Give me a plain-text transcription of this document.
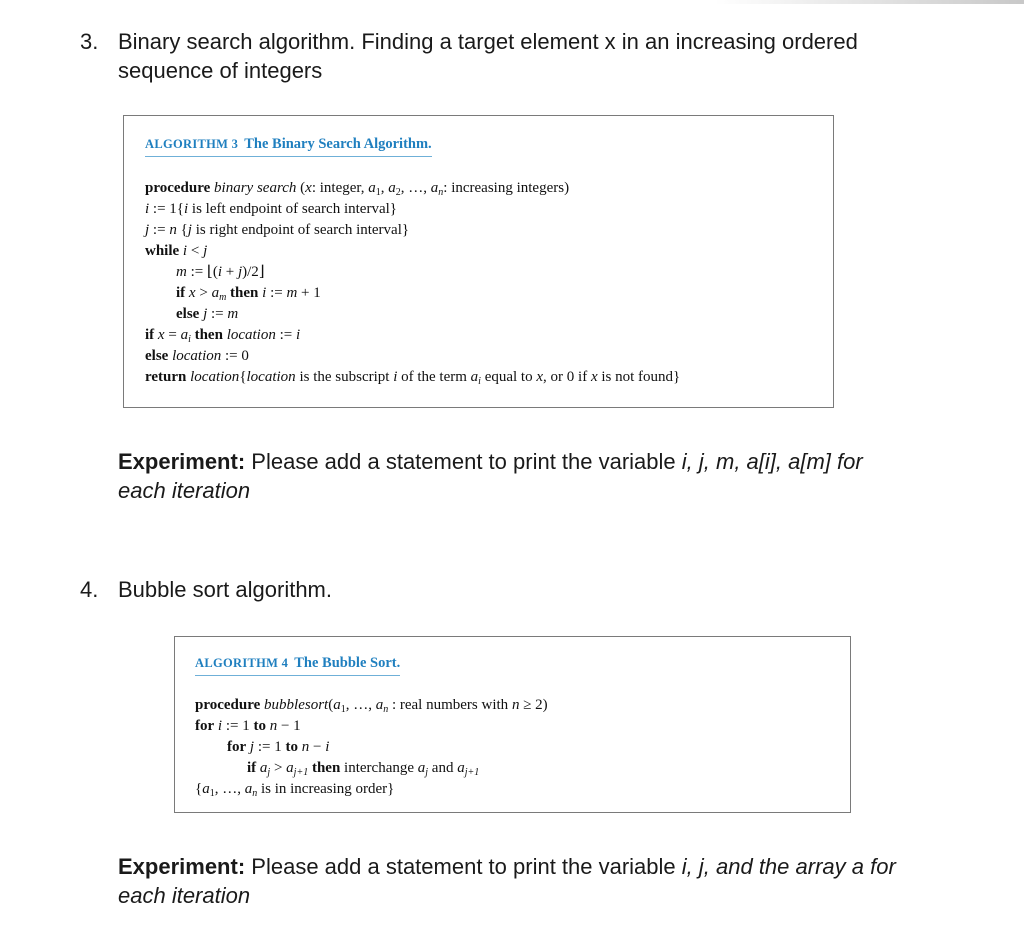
3. Binary search algorithm. Finding a target element x in an increasing ordered
sequence of integers
ALGORITHM 3 The Binary Search Algorithm.
procedure binary search (x: integer, $a_1$, $a_2$, …, $a_n$: increasing integers)
i := 1{i is left endpoint of search interval}
j := n {j is right endpoint of search interval}
while i < j
m := ⌊(i + j)/2⌋
if $x > a_m$ then i := m + 1
else j := m
if $x = a_i$ then location := i
else location := 0
return location{location is the subscript i of the term $a_i$ equal to x, or 0 if x is not found}
Experiment: Please add a statement to print the variable i, j, m, a[i], a[m] for
each iteration
4. Bubble sort algorithm.
ALGORITHM 4 The Bubble Sort.
procedure $bubblesort(a_1$, …, $a_n$ : real numbers with n ≥ 2)
for i := 1 to n − 1
for j := 1 to n − i
if $a_j > a_{j+1}$ then interchange $a_j$ and $a_{j+1}$
{$a_1$, …, $a_n$ is in increasing order}
Experiment: Please add a statement to print the variable i, j, and the array a for
each iteration
